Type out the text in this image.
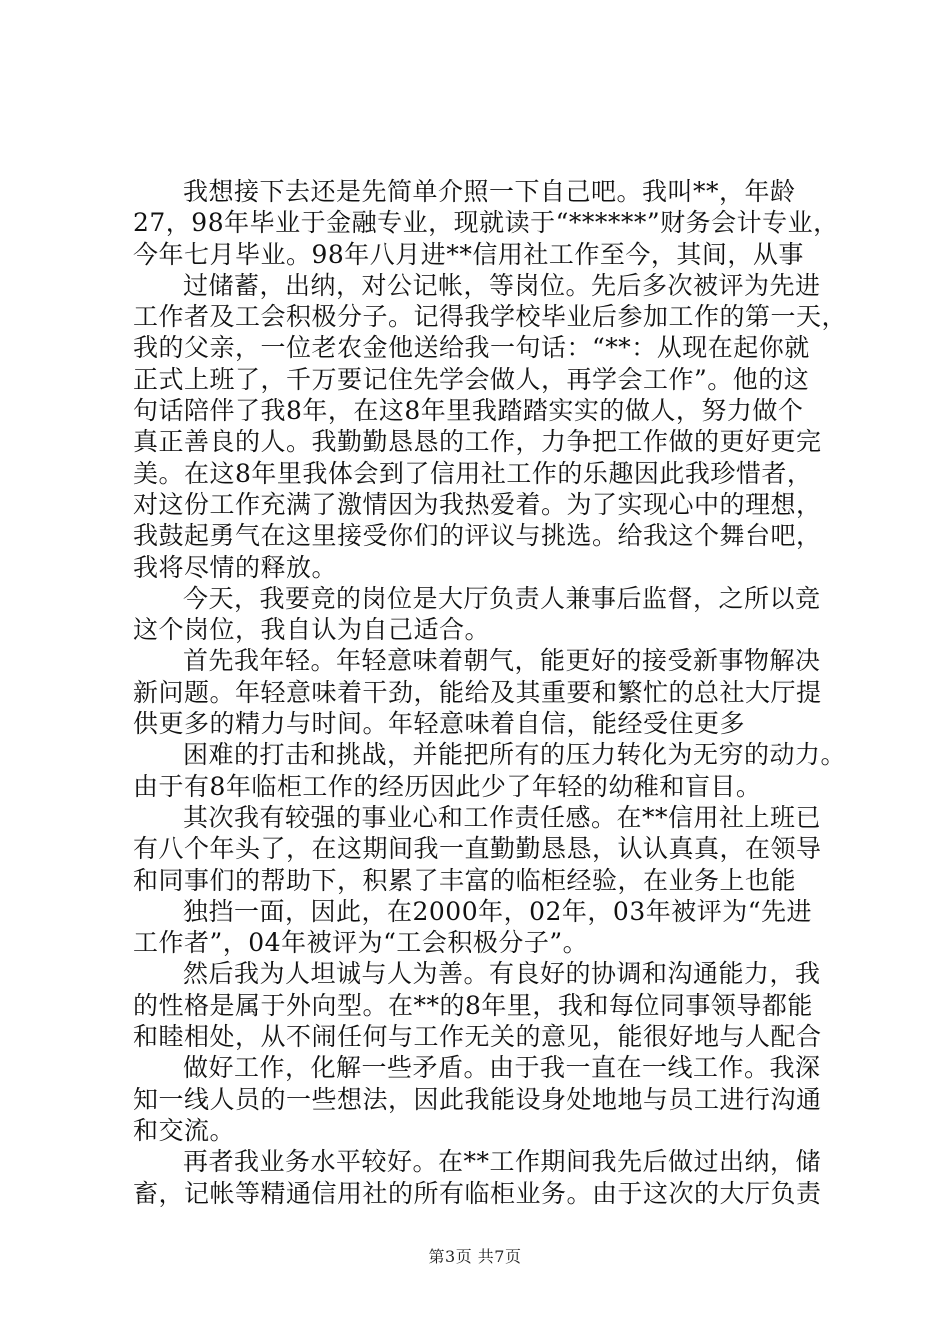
我想接下去还是先简单介照一下自己吧。我叫**，年龄
27，98年毕业于金融专业，现就读于“******”财务会计专业，
今年七月毕业。98年八月进**信用社工作至今，其间，从事
过储蓄，出纳，对公记帐，等岗位。先后多次被评为先进
工作者及工会积极分子。记得我学校毕业后参加工作的第一天，
我的父亲，一位老农金他送给我一句话：“**：从现在起你就
正式上班了，千万要记住先学会做人，再学会工作”。他的这
句话陪伴了我8年，在这8年里我踏踏实实的做人，努力做个
真正善良的人。我勤勤恳恳的工作，力争把工作做的更好更完
美。在这8年里我体会到了信用社工作的乐趣因此我珍惜者，
对这份工作充满了激情因为我热爱着。为了实现心中的理想，
我鼓起勇气在这里接受你们的评议与挑选。给我这个舞台吧，
我将尽情的释放。
今天，我要竞的岗位是大厅负责人兼事后监督，之所以竞
这个岗位，我自认为自己适合。
首先我年轻。年轻意味着朝气，能更好的接受新事物解决
新问题。年轻意味着干劲，能给及其重要和繁忙的总社大厅提
供更多的精力与时间。年轻意味着自信，能经受住更多
困难的打击和挑战，并能把所有的压力转化为无穷的动力。
由于有8年临柜工作的经历因此少了年轻的幼稚和盲目。
其次我有较强的事业心和工作责任感。在**信用社上班已
有八个年头了，在这期间我一直勤勤恳恳，认认真真，在领导
和同事们的帮助下，积累了丰富的临柜经验，在业务上也能
独挡一面，因此，在2000年，02年，03年被评为“先进
工作者”，04年被评为“工会积极分子”。
然后我为人坦诚与人为善。有良好的协调和沟通能力，我
的性格是属于外向型。在**的8年里，我和每位同事领导都能
和睦相处，从不闹任何与工作无关的意见，能很好地与人配合
做好工作，化解一些矛盾。由于我一直在一线工作。我深
知一线人员的一些想法，因此我能设身处地地与员工进行沟通
和交流。
再者我业务水平较好。在**工作期间我先后做过出纳，储
畜，记帐等精通信用社的所有临柜业务。由于这次的大厅负责
第3页 共7页
